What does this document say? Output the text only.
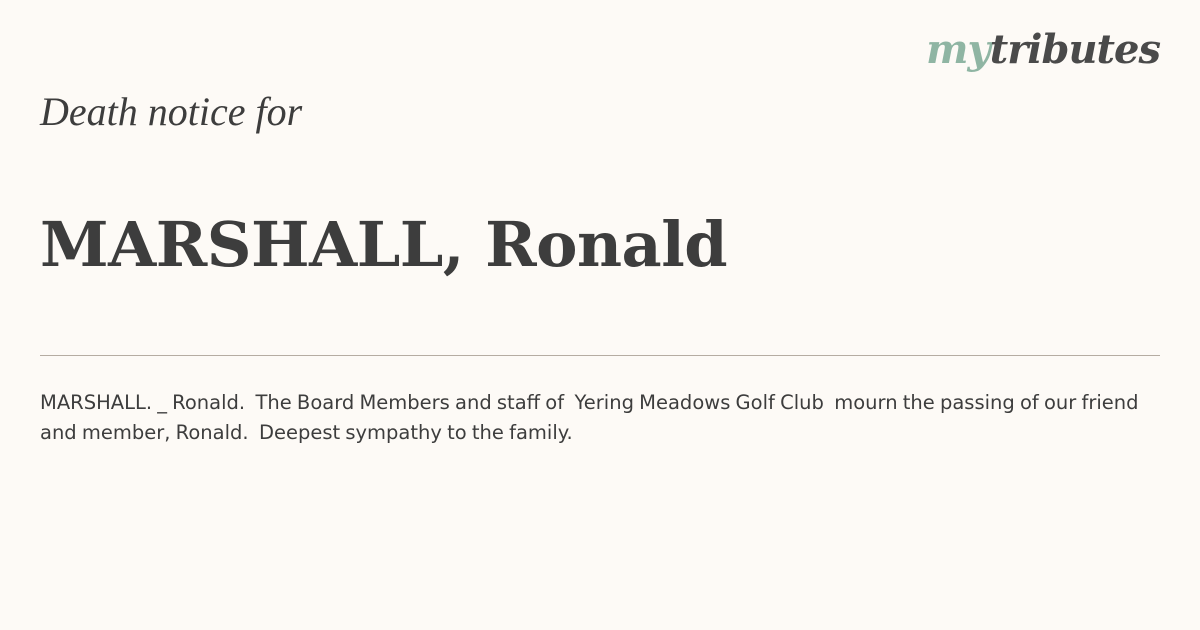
mytributes
Death notice for
MARSHALL, Ronald
MARSHALL. _ Ronald.  The Board Members and staff of  Yering Meadows Golf Club  mourn the passing of our friend
and member, Ronald.  Deepest sympathy to the family.
